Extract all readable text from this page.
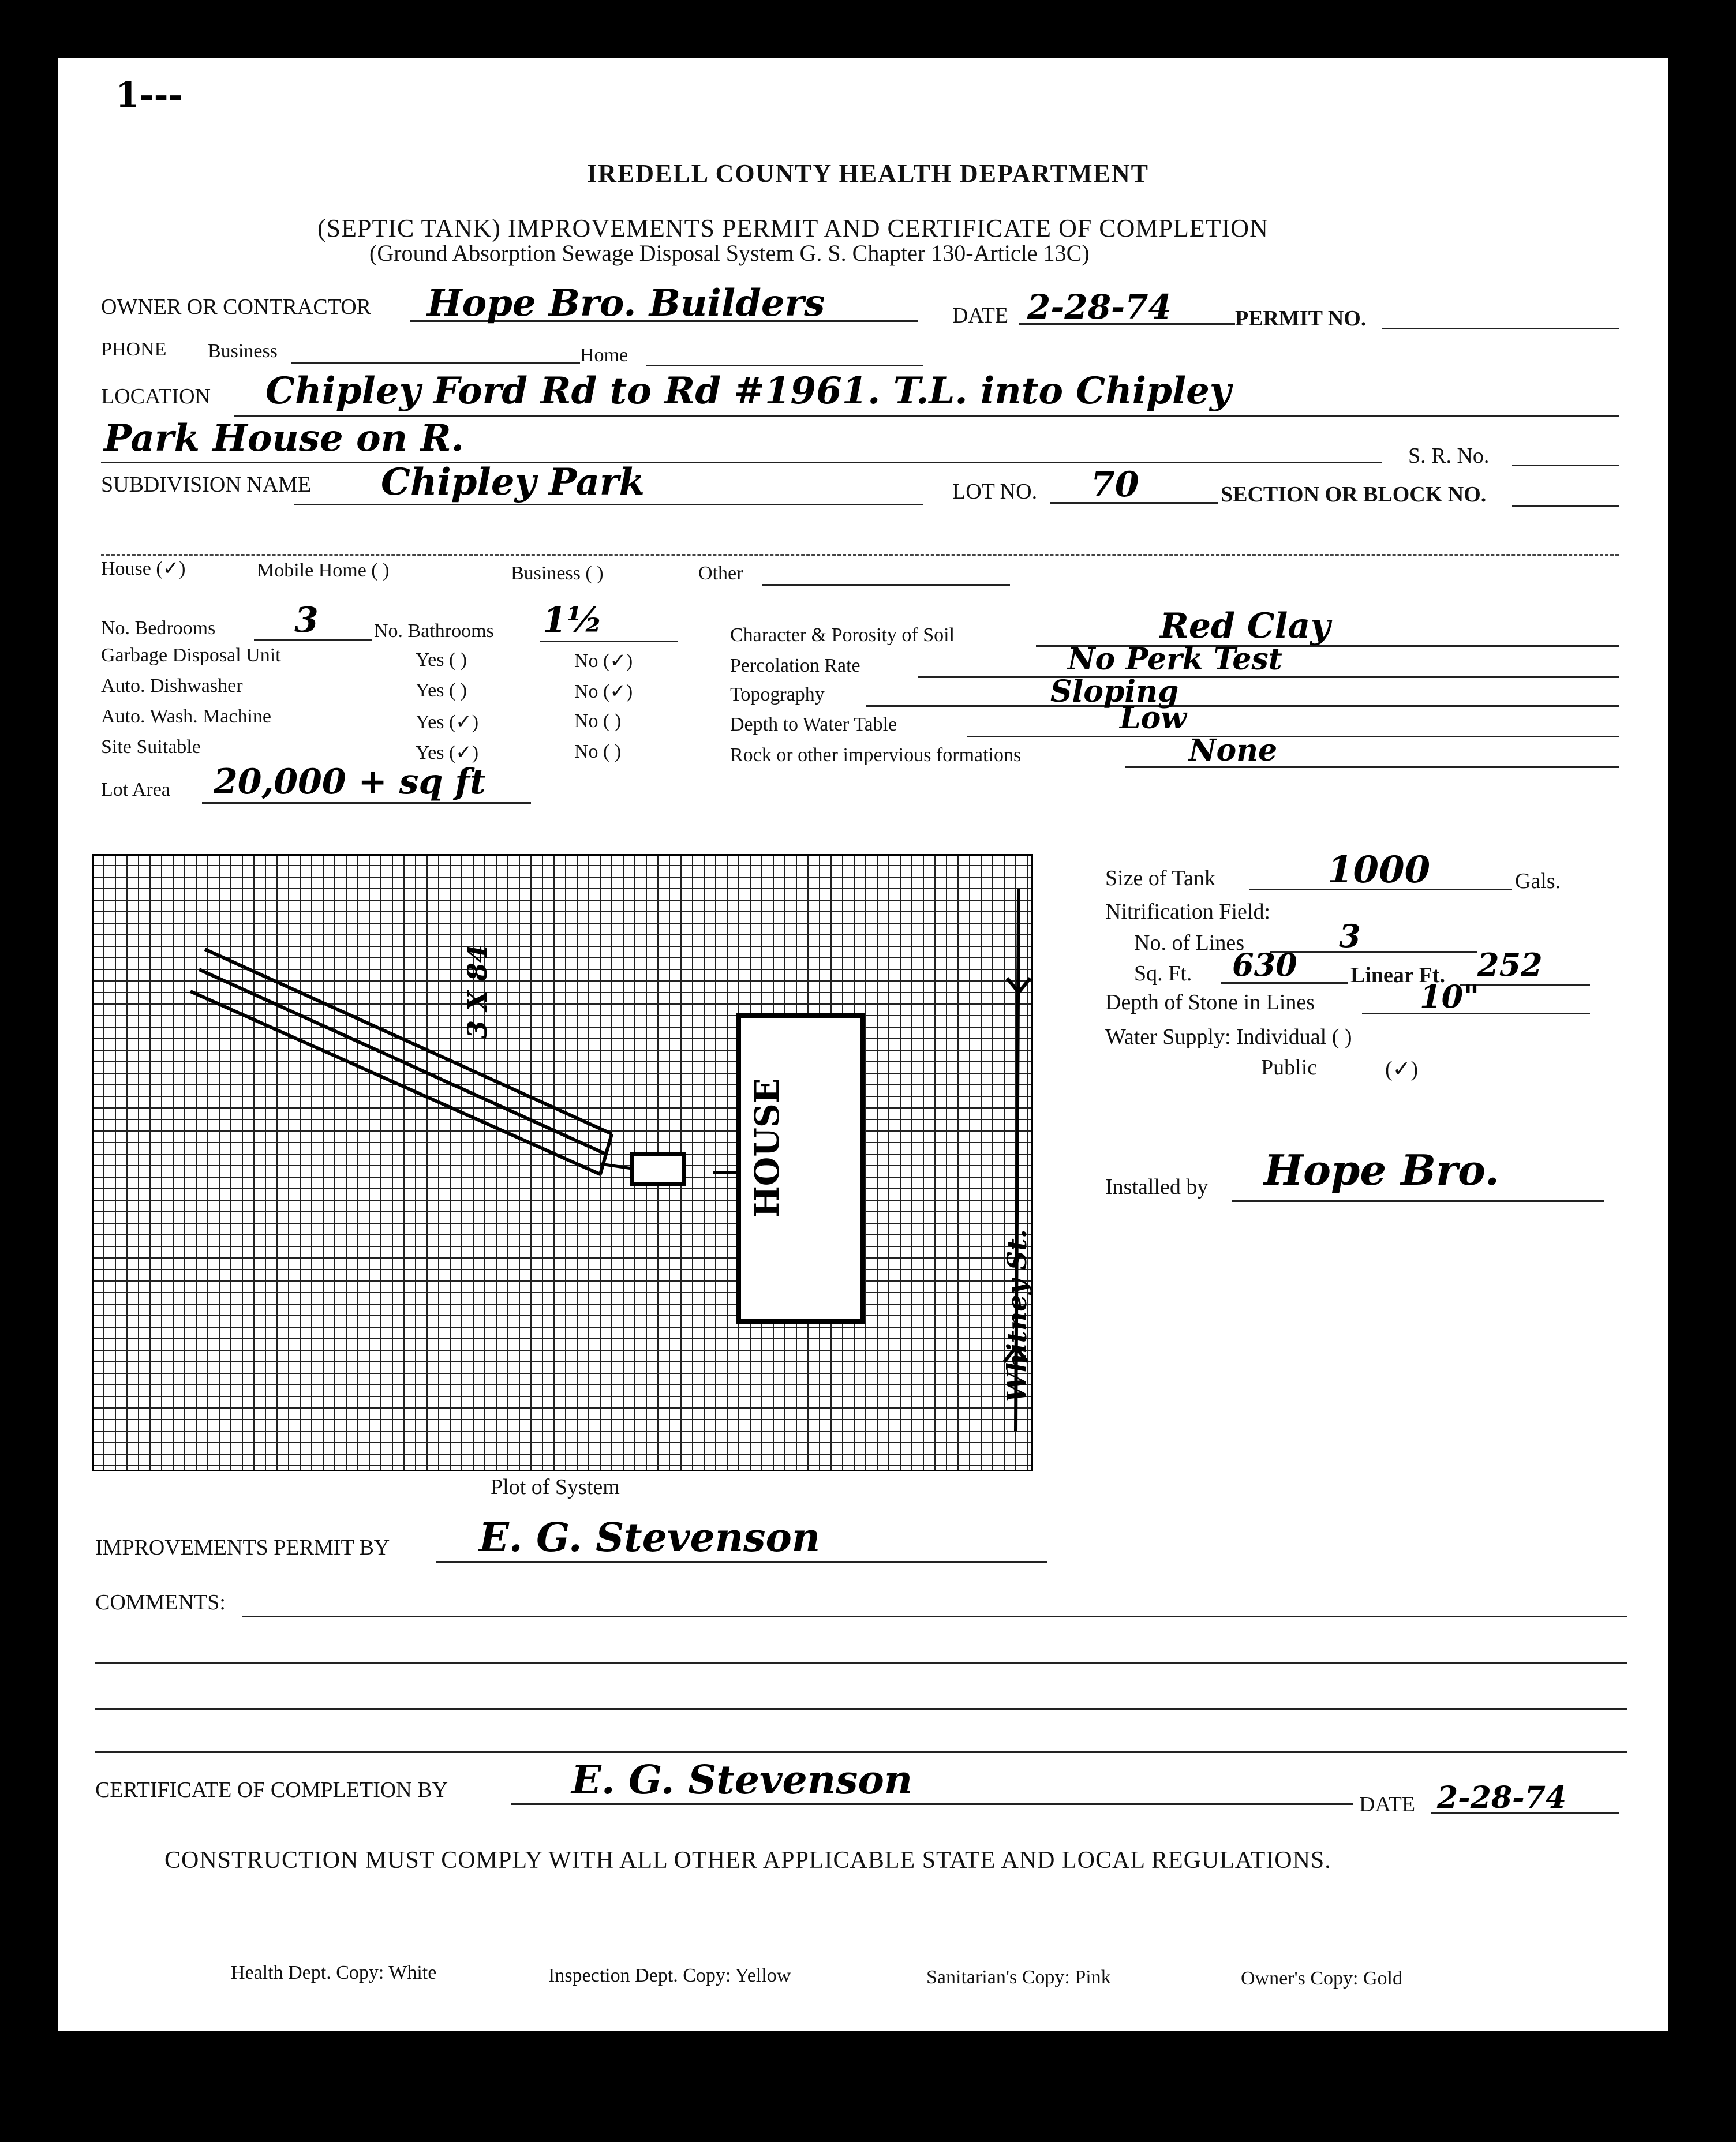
1---
IREDELL COUNTY HEALTH DEPARTMENT
(SEPTIC TANK) IMPROVEMENTS PERMIT AND CERTIFICATE OF COMPLETION
(Ground Absorption Sewage Disposal System G. S. Chapter 130-Article 13C)
OWNER OR CONTRACTOR Hope Bro. Builders	DATE 2-28-74	PERMIT NO.
PHONE Business	Home
LOCATION Chipley Ford Rd to Rd #1961. T.L. into Chipley
Park House on R.	S. R. No.
SUBDIVISION NAME Chipley Park	LOT NO. 70	SECTION OR BLOCK NO.
House (✓)	Mobile Home ( )	Business ( )	Other
No. Bedrooms 3	No. Bathrooms 1½
Garbage Disposal Unit	Yes ( )	No (✓)
Auto. Dishwasher	Yes ( )	No (✓)
Auto. Wash. Machine	Yes (✓)	No ( )
Site Suitable	Yes (✓)	No ( )
Lot Area 20,000 + sq ft
Character & Porosity of Soil	Red Clay
Percolation Rate	No Perk Test
Topography	Sloping
Depth to Water Table	Low
Rock or other impervious formations	None
HOUSE
3 X 84
Whitney St.
Plot of System
Size of Tank	1000	Gals.
Nitrification Field:
No. of Lines	3
Sq. Ft. 630 Linear Ft. 252
Depth of Stone in Lines	10"
Water Supply: Individual ( )
Public	(✓)
Installed by Hope Bro.
IMPROVEMENTS PERMIT BY E. G. Stevenson
COMMENTS:
CERTIFICATE OF COMPLETION BY	E. G. Stevenson
DATE 2-28-74
CONSTRUCTION MUST COMPLY WITH ALL OTHER APPLICABLE STATE AND LOCAL REGULATIONS.
Health Dept. Copy: White	Inspection Dept. Copy: Yellow	Sanitarian's Copy: Pink	Owner's Copy: Gold
